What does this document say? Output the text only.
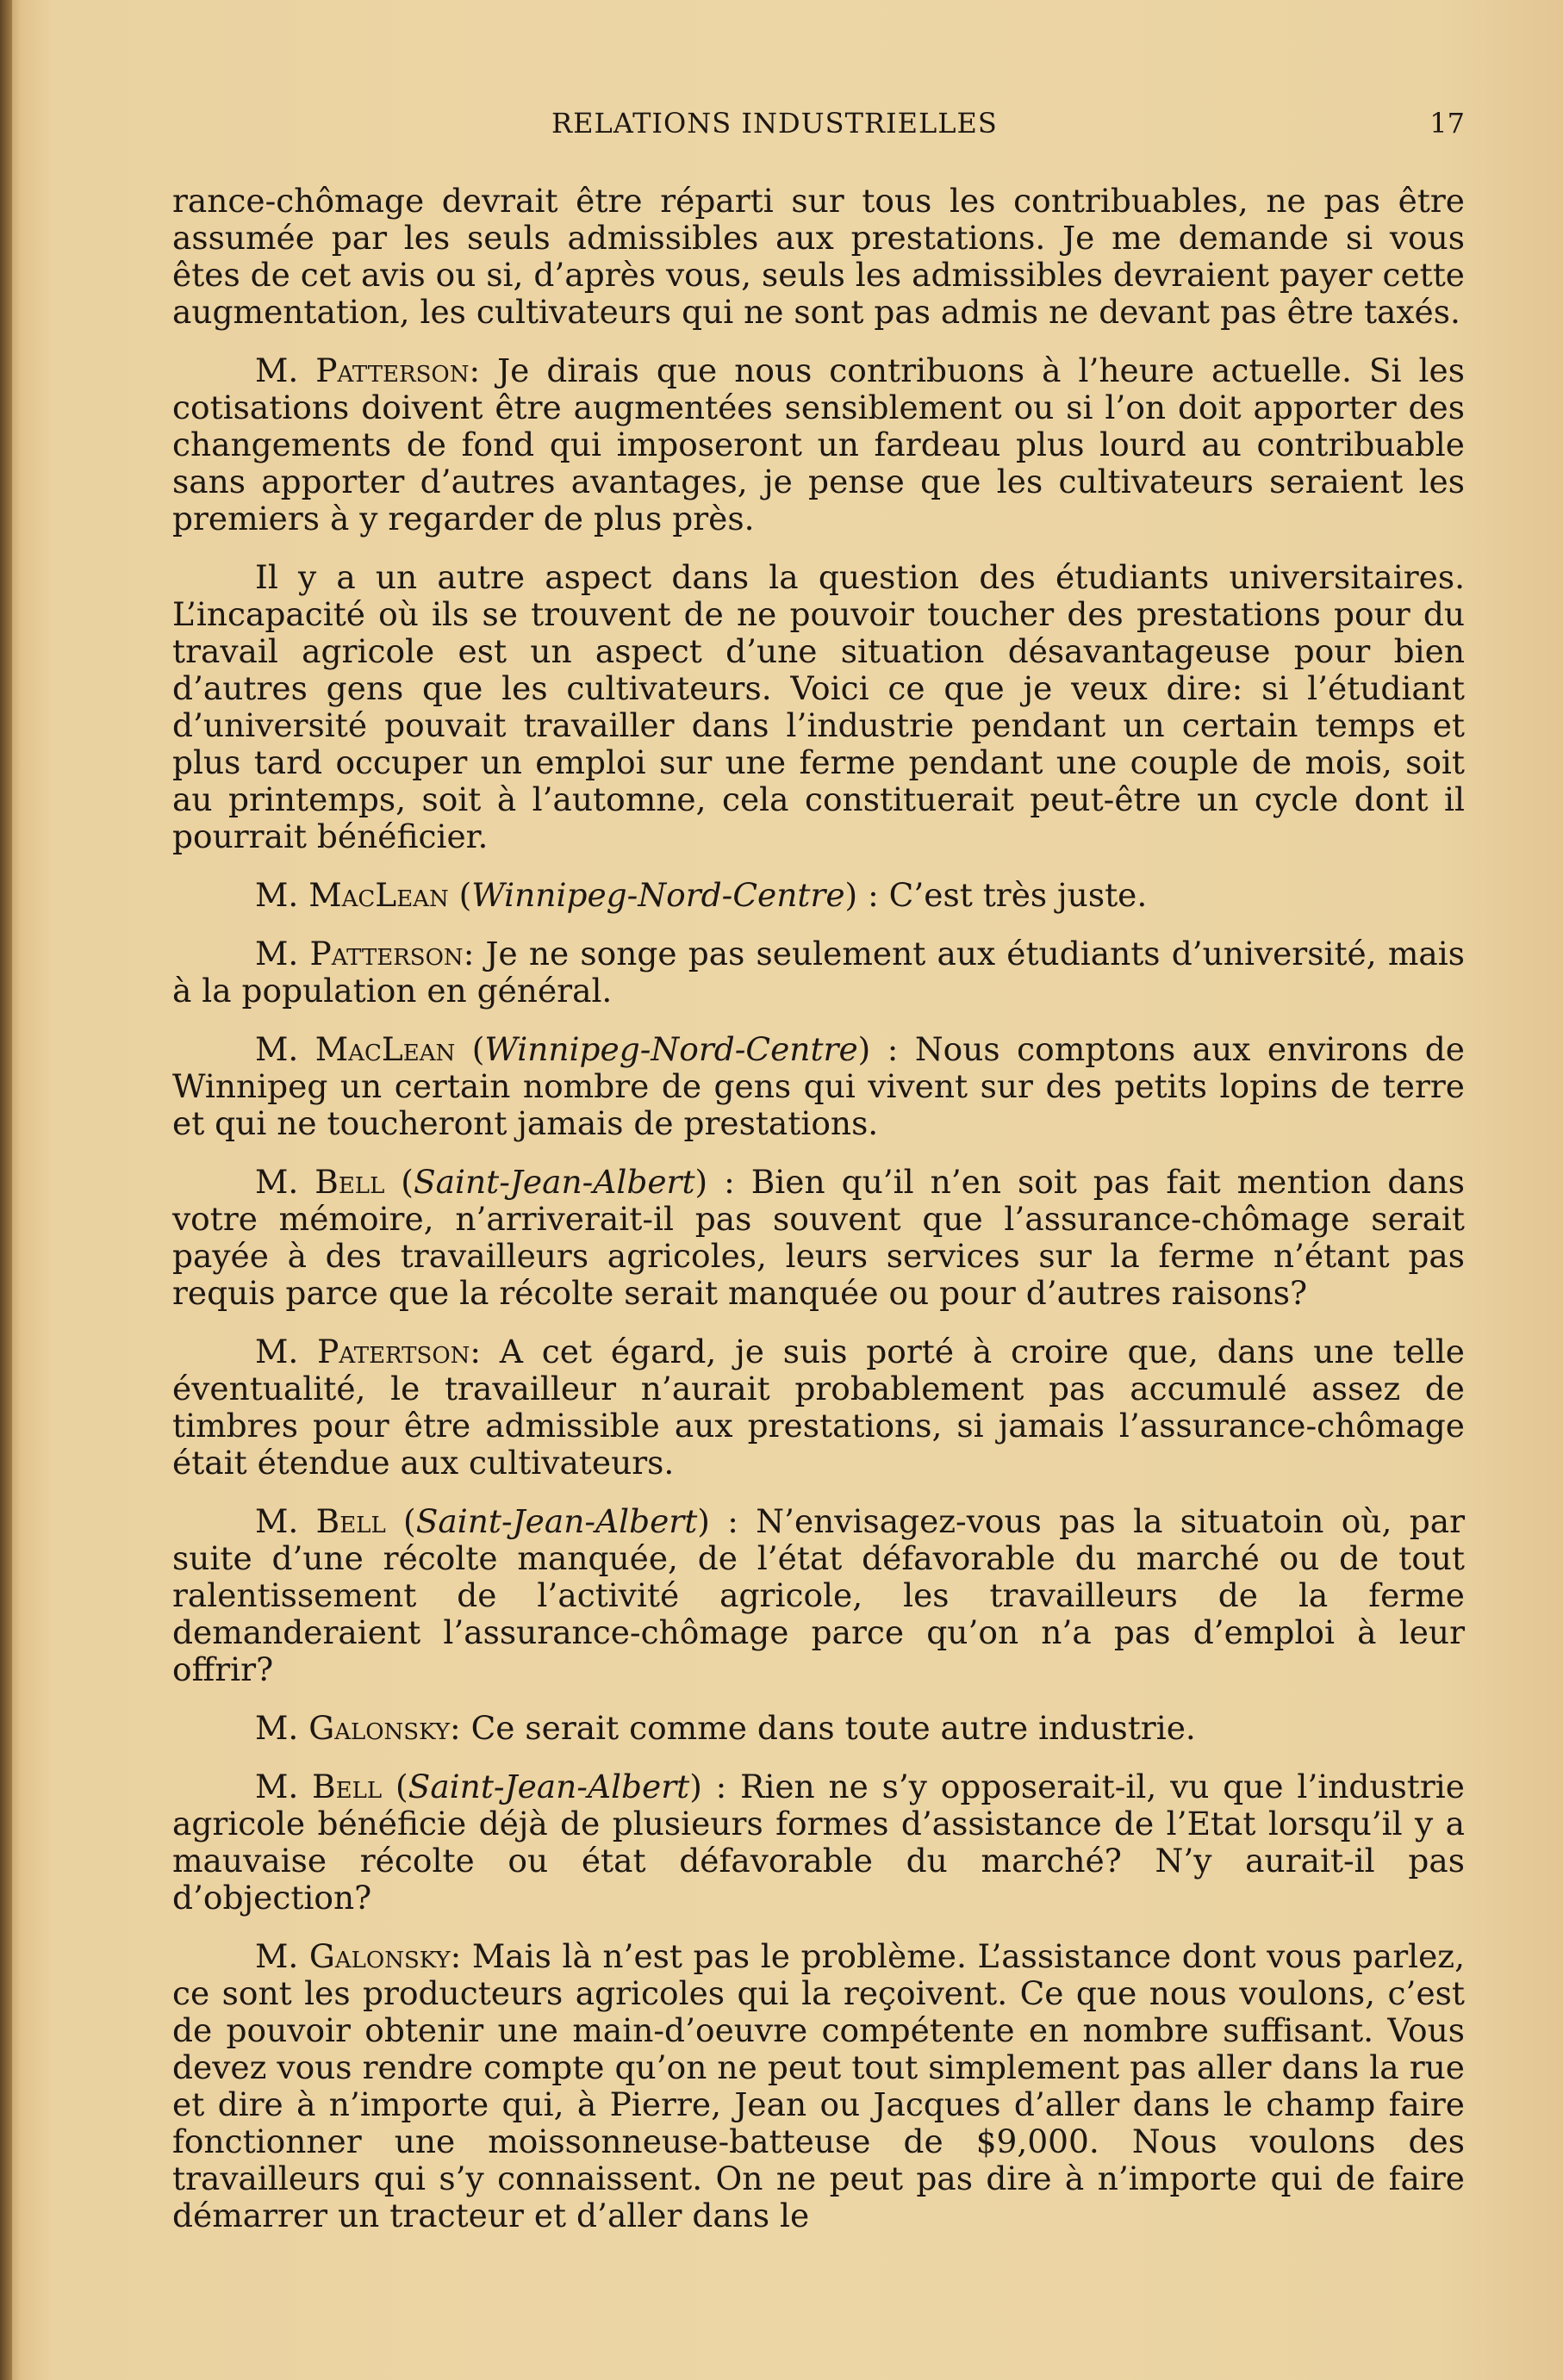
RELATIONS INDUSTRIELLES	17

rance-chômage devrait être réparti sur tous les contribuables, ne pas être assumée par les seuls admissibles aux prestations. Je me demande si vous êtes de cet avis ou si, d’après vous, seuls les admissibles devraient payer cette augmentation, les cultivateurs qui ne sont pas admis ne devant pas être taxés.

M. Patterson: Je dirais que nous contribuons à l’heure actuelle. Si les cotisations doivent être augmentées sensiblement ou si l’on doit apporter des changements de fond qui imposeront un fardeau plus lourd au contribuable sans apporter d’autres avantages, je pense que les cultivateurs seraient les premiers à y regarder de plus près.

Il y a un autre aspect dans la question des étudiants universitaires. L’incapacité où ils se trouvent de ne pouvoir toucher des prestations pour du travail agricole est un aspect d’une situation désavantageuse pour bien d’autres gens que les cultivateurs. Voici ce que je veux dire: si l’étudiant d’université pouvait travailler dans l’industrie pendant un certain temps et plus tard occuper un emploi sur une ferme pendant une couple de mois, soit au printemps, soit à l’automne, cela constituerait peut-être un cycle dont il pourrait bénéficier.

M. MacLean (Winnipeg-Nord-Centre) : C’est très juste.

M. Patterson: Je ne songe pas seulement aux étudiants d’université, mais à la population en général.

M. MacLean (Winnipeg-Nord-Centre) : Nous comptons aux environs de Winnipeg un certain nombre de gens qui vivent sur des petits lopins de terre et qui ne toucheront jamais de prestations.

M. Bell (Saint-Jean-Albert) : Bien qu’il n’en soit pas fait mention dans votre mémoire, n’arriverait-il pas souvent que l’assurance-chômage serait payée à des travailleurs agricoles, leurs services sur la ferme n’étant pas requis parce que la récolte serait manquée ou pour d’autres raisons?

M. Patertson: A cet égard, je suis porté à croire que, dans une telle éventualité, le travailleur n’aurait probablement pas accumulé assez de timbres pour être admissible aux prestations, si jamais l’assurance-chômage était étendue aux cultivateurs.

M. Bell (Saint-Jean-Albert) : N’envisagez-vous pas la situatoin où, par suite d’une récolte manquée, de l’état défavorable du marché ou de tout ralentissement de l’activité agricole, les travailleurs de la ferme demanderaient l’assurance-chômage parce qu’on n’a pas d’emploi à leur offrir?

M. Galonsky: Ce serait comme dans toute autre industrie.

M. Bell (Saint-Jean-Albert) : Rien ne s’y opposerait-il, vu que l’industrie agricole bénéficie déjà de plusieurs formes d’assistance de l’Etat lorsqu’il y a mauvaise récolte ou état défavorable du marché? N’y aurait-il pas d’objection?

M. Galonsky: Mais là n’est pas le problème. L’assistance dont vous parlez, ce sont les producteurs agricoles qui la reçoivent. Ce que nous voulons, c’est de pouvoir obtenir une main-d’oeuvre compétente en nombre suffisant. Vous devez vous rendre compte qu’on ne peut tout simplement pas aller dans la rue et dire à n’importe qui, à Pierre, Jean ou Jacques d’aller dans le champ faire fonctionner une moissonneuse-batteuse de $9,000. Nous voulons des travailleurs qui s’y connaissent. On ne peut pas dire à n’importe qui de faire démarrer un tracteur et d’aller dans le
